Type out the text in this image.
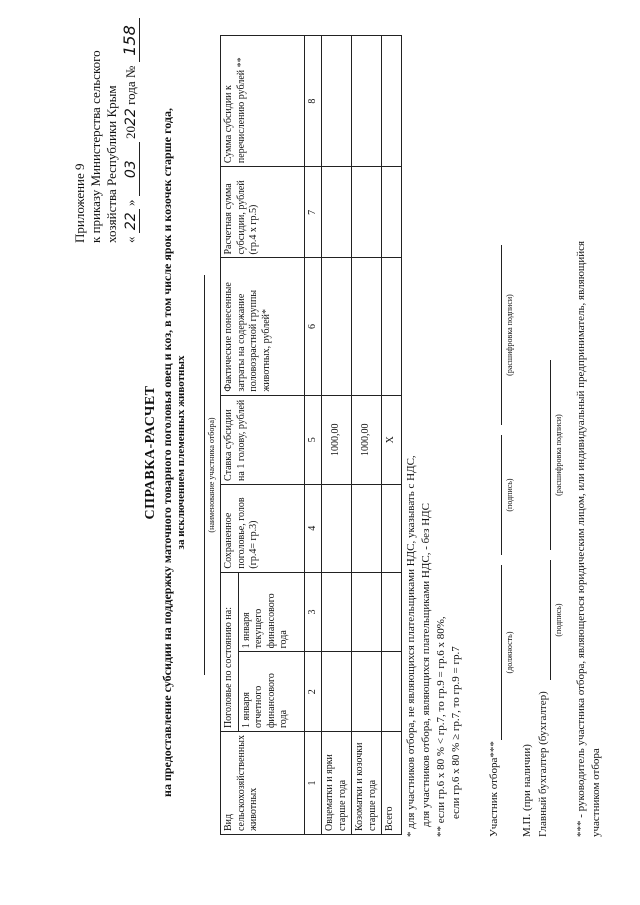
Приложение 9 к приказу Министерства сельского хозяйства Республики Крым « 22 » 03 2022 года № 158
СПРАВКА-РАСЧЕТ на предоставление субсидии на поддержку маточного товарного поголовья овец и коз, в том числе ярок и козочек старше года, за исключением племенных животных	(наименование участника отбора)
Вид сельскохозяйственных животных	Поголовье по состоянию на:		Сохраненное поголовье, голов (гр.4= гр.3)	Ставка субсидии на 1 голову, рублей	Фактические понесенные затраты на содержание половозрастной группы животных, рублей*	Расчетная сумма субсидии, рублей (гр.4 х гр.5)	Сумма субсидии к перечислению рублей **
	1 января отчетного финансового года	1 января текущего финансового года					
1	2	3	4	5	6	7	8
Овцематки и ярки старше года				1000,00			
Козоматки и козочки старше года				1000,00			
Всего				X			
* для участников отбора, не являющихся плательщиками НДС, указывать с НДС, для участников отбора, являющихся плательщиками НДС, - без НДС ** если гр.6 х 80 % < гр.7, то гр.9 = гр.6 х 80%, если гр.6 х 80 % ≥ гр.7, то гр.9 = гр.7 Участник отбора***
(должность)
(подпись)
(расшифровка подписи)
М.П. (при наличии) Главный бухгалтер (бухгалтер)
(подпись)
(расшифровка подписи) *** - руководитель участника отбора, являющегося юридическим лицом, или индивидуальный предприниматель, являющийся участником отбора
